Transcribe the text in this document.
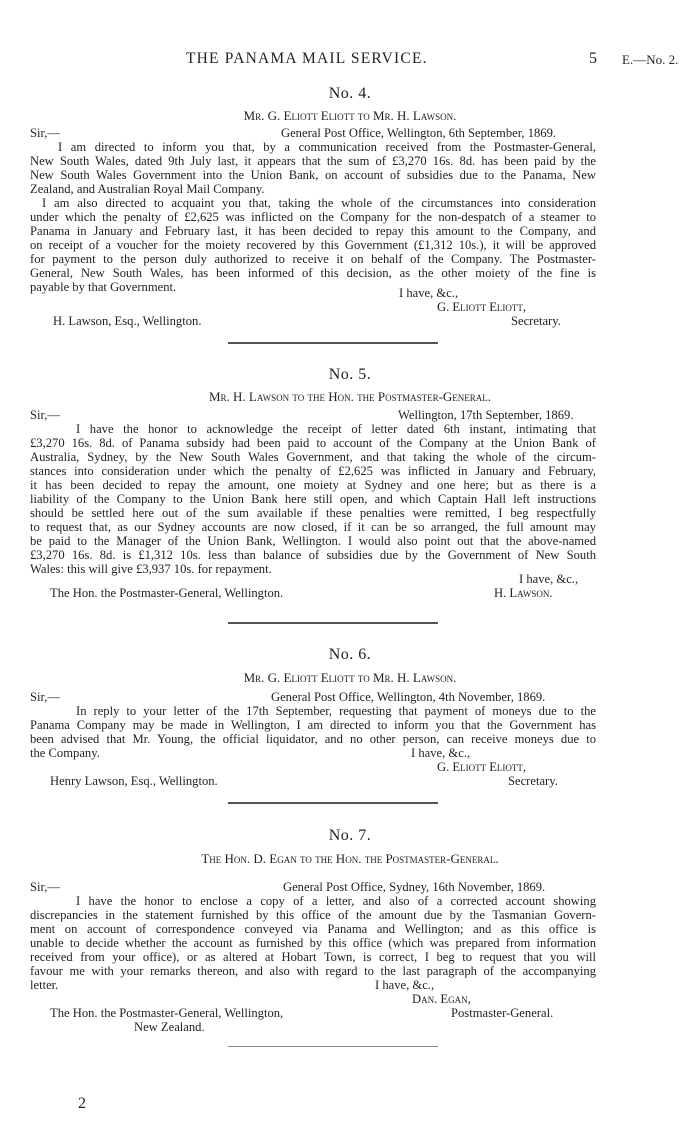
THE PANAMA MAIL SERVICE.	5 E.—No. 2.
No. 4.
Mr. G. Eliott Eliott to Mr. H. Lawson.
Sir,—	General Post Office, Wellington, 6th September, 1869.
I am directed to inform you that, by a communication received from the Postmaster-General,
New South Wales, dated 9th July last, it appears that the sum of £3,270 16s. 8d. has been paid by the
New South Wales Government into the Union Bank, on account of subsidies due to the Panama, New
Zealand, and Australian Royal Mail Company.
I am also directed to acquaint you that, taking the whole of the circumstances into consideration
under which the penalty of £2,625 was inflicted on the Company for the non-despatch of a steamer to
Panama in January and February last, it has been decided to repay this amount to the Company, and
on receipt of a voucher for the moiety recovered by this Government (£1,312 10s.), it will be approved
for payment to the person duly authorized to receive it on behalf of the Company. The Postmaster-
General, New South Wales, has been informed of this decision, as the other moiety of the fine is
payable by that Government.	I have, &c.,
G. Eliott Eliott,
H. Lawson, Esq., Wellington.	Secretary.
No. 5.
Mr. H. Lawson to the Hon. the Postmaster-General.
Sir,—	Wellington, 17th September, 1869.
I have the honor to acknowledge the receipt of letter dated 6th instant, intimating that
£3,270 16s. 8d. of Panama subsidy had been paid to account of the Company at the Union Bank of
Australia, Sydney, by the New South Wales Government, and that taking the whole of the circum-
stances into consideration under which the penalty of £2,625 was inflicted in January and February,
it has been decided to repay the amount, one moiety at Sydney and one here; but as there is a
liability of the Company to the Union Bank here still open, and which Captain Hall left instructions
should be settled here out of the sum available if these penalties were remitted, I beg respectfully
to request that, as our Sydney accounts are now closed, if it can be so arranged, the full amount may
be paid to the Manager of the Union Bank, Wellington. I would also point out that the above-named
£3,270 16s. 8d. is £1,312 10s. less than balance of subsidies due by the Government of New South
Wales: this will give £3,937 10s. for repayment.
I have, &c.,
The Hon. the Postmaster-General, Wellington.	H. Lawson.
No. 6.
Mr. G. Eliott Eliott to Mr. H. Lawson.
Sir,—	General Post Office, Wellington, 4th November, 1869.
In reply to your letter of the 17th September, requesting that payment of moneys due to the
Panama Company may be made in Wellington, I am directed to inform you that the Government has
been advised that Mr. Young, the official liquidator, and no other person, can receive moneys due to
the Company.	I have, &c.,
G. Eliott Eliott,
Henry Lawson, Esq., Wellington.	Secretary.
No. 7.
The Hon. D. Egan to the Hon. the Postmaster-General.
Sir,—	General Post Office, Sydney, 16th November, 1869.
I have the honor to enclose a copy of a letter, and also of a corrected account showing
discrepancies in the statement furnished by this office of the amount due by the Tasmanian Govern-
ment on account of correspondence conveyed via Panama and Wellington; and as this office is
unable to decide whether the account as furnished by this office (which was prepared from information
received from your office), or as altered at Hobart Town, is correct, I beg to request that you will
favour me with your remarks thereon, and also with regard to the last paragraph of the accompanying
letter.	I have, &c.,
Dan. Egan,
The Hon. the Postmaster-General, Wellington,	Postmaster-General.
New Zealand.
2
